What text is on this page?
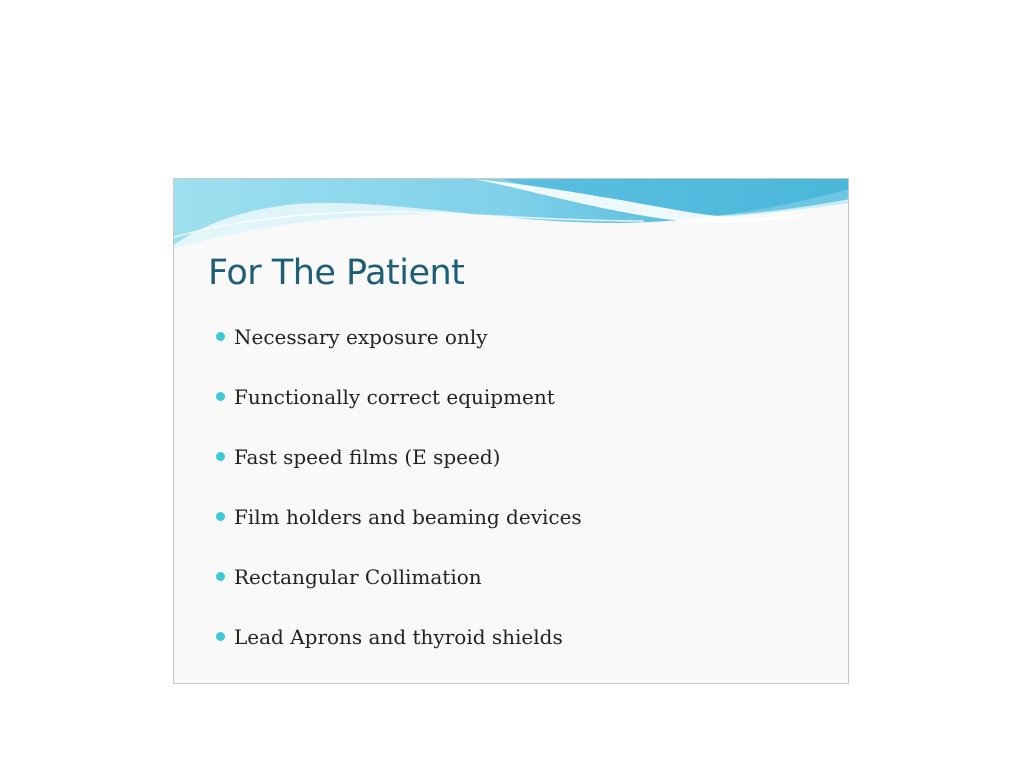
For The Patient
Necessary exposure only
Functionally correct equipment
Fast speed films (E speed)
Film holders and beaming devices
Rectangular Collimation
Lead Aprons and thyroid shields
